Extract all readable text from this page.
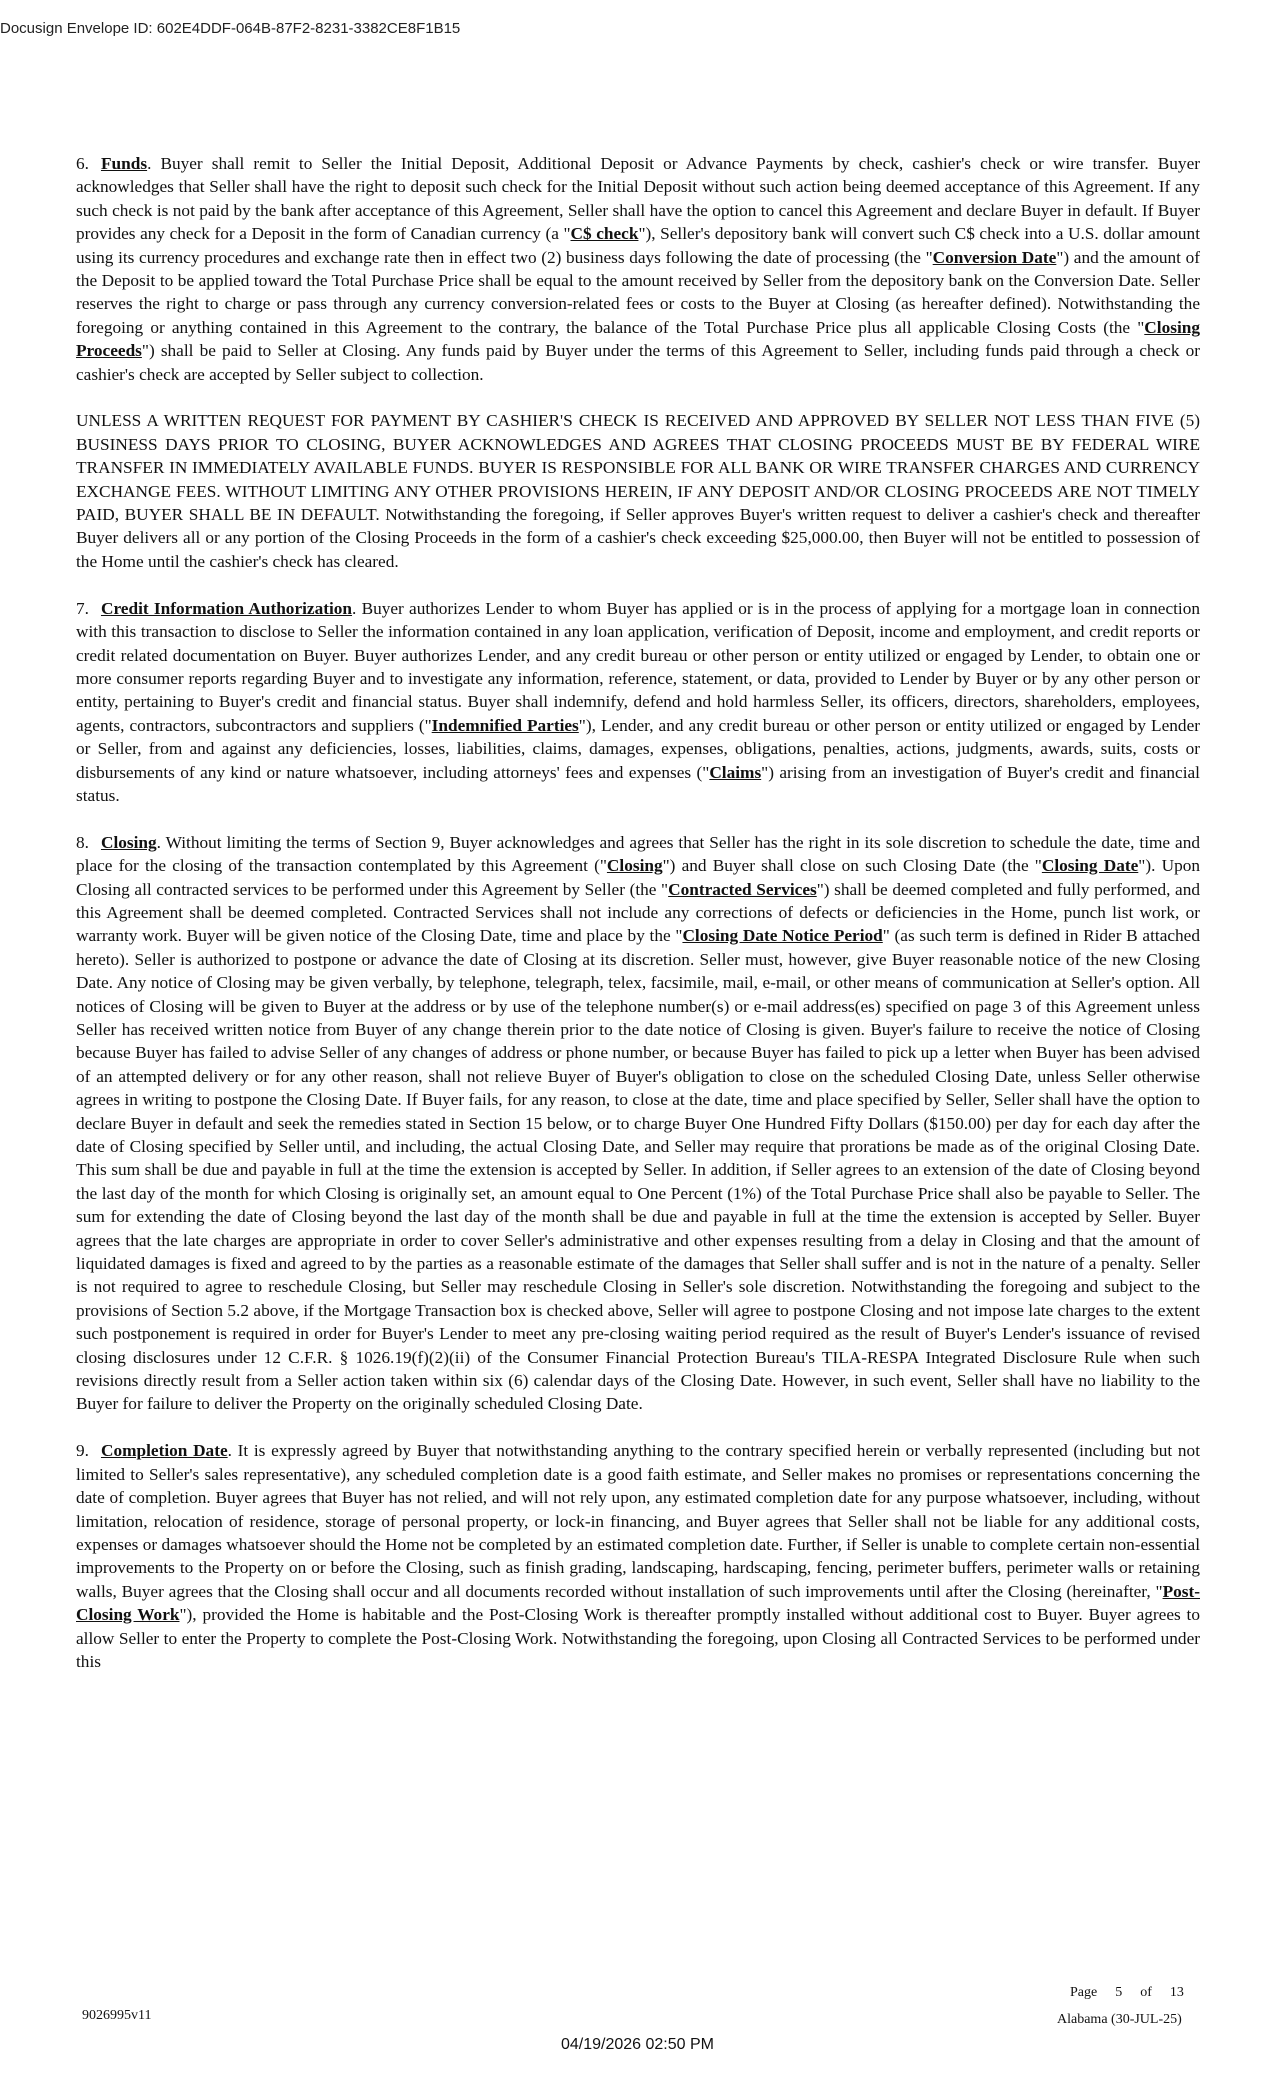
Docusign Envelope ID: 602E4DDF-064B-87F2-8231-3382CE8F1B15

6. Funds. Buyer shall remit to Seller the Initial Deposit, Additional Deposit or Advance Payments by check, cashier's check or wire transfer. Buyer acknowledges that Seller shall have the right to deposit such check for the Initial Deposit without such action being deemed acceptance of this Agreement. If any such check is not paid by the bank after acceptance of this Agreement, Seller shall have the option to cancel this Agreement and declare Buyer in default. If Buyer provides any check for a Deposit in the form of Canadian currency (a "C$ check"), Seller's depository bank will convert such C$ check into a U.S. dollar amount using its currency procedures and exchange rate then in effect two (2) business days following the date of processing (the "Conversion Date") and the amount of the Deposit to be applied toward the Total Purchase Price shall be equal to the amount received by Seller from the depository bank on the Conversion Date. Seller reserves the right to charge or pass through any currency conversion-related fees or costs to the Buyer at Closing (as hereafter defined). Notwithstanding the foregoing or anything contained in this Agreement to the contrary, the balance of the Total Purchase Price plus all applicable Closing Costs (the "Closing Proceeds") shall be paid to Seller at Closing. Any funds paid by Buyer under the terms of this Agreement to Seller, including funds paid through a check or cashier's check are accepted by Seller subject to collection.

UNLESS A WRITTEN REQUEST FOR PAYMENT BY CASHIER'S CHECK IS RECEIVED AND APPROVED BY SELLER NOT LESS THAN FIVE (5) BUSINESS DAYS PRIOR TO CLOSING, BUYER ACKNOWLEDGES AND AGREES THAT CLOSING PROCEEDS MUST BE BY FEDERAL WIRE TRANSFER IN IMMEDIATELY AVAILABLE FUNDS. BUYER IS RESPONSIBLE FOR ALL BANK OR WIRE TRANSFER CHARGES AND CURRENCY EXCHANGE FEES. WITHOUT LIMITING ANY OTHER PROVISIONS HEREIN, IF ANY DEPOSIT AND/OR CLOSING PROCEEDS ARE NOT TIMELY PAID, BUYER SHALL BE IN DEFAULT. Notwithstanding the foregoing, if Seller approves Buyer's written request to deliver a cashier's check and thereafter Buyer delivers all or any portion of the Closing Proceeds in the form of a cashier's check exceeding $25,000.00, then Buyer will not be entitled to possession of the Home until the cashier's check has cleared.

7. Credit Information Authorization. Buyer authorizes Lender to whom Buyer has applied or is in the process of applying for a mortgage loan in connection with this transaction to disclose to Seller the information contained in any loan application, verification of Deposit, income and employment, and credit reports or credit related documentation on Buyer. Buyer authorizes Lender, and any credit bureau or other person or entity utilized or engaged by Lender, to obtain one or more consumer reports regarding Buyer and to investigate any information, reference, statement, or data, provided to Lender by Buyer or by any other person or entity, pertaining to Buyer's credit and financial status. Buyer shall indemnify, defend and hold harmless Seller, its officers, directors, shareholders, employees, agents, contractors, subcontractors and suppliers ("Indemnified Parties"), Lender, and any credit bureau or other person or entity utilized or engaged by Lender or Seller, from and against any deficiencies, losses, liabilities, claims, damages, expenses, obligations, penalties, actions, judgments, awards, suits, costs or disbursements of any kind or nature whatsoever, including attorneys' fees and expenses ("Claims") arising from an investigation of Buyer's credit and financial status.

8. Closing. Without limiting the terms of Section 9, Buyer acknowledges and agrees that Seller has the right in its sole discretion to schedule the date, time and place for the closing of the transaction contemplated by this Agreement ("Closing") and Buyer shall close on such Closing Date (the "Closing Date"). Upon Closing all contracted services to be performed under this Agreement by Seller (the "Contracted Services") shall be deemed completed and fully performed, and this Agreement shall be deemed completed. Contracted Services shall not include any corrections of defects or deficiencies in the Home, punch list work, or warranty work. Buyer will be given notice of the Closing Date, time and place by the "Closing Date Notice Period" (as such term is defined in Rider B attached hereto). Seller is authorized to postpone or advance the date of Closing at its discretion. Seller must, however, give Buyer reasonable notice of the new Closing Date. Any notice of Closing may be given verbally, by telephone, telegraph, telex, facsimile, mail, e-mail, or other means of communication at Seller's option. All notices of Closing will be given to Buyer at the address or by use of the telephone number(s) or e-mail address(es) specified on page 3 of this Agreement unless Seller has received written notice from Buyer of any change therein prior to the date notice of Closing is given. Buyer's failure to receive the notice of Closing because Buyer has failed to advise Seller of any changes of address or phone number, or because Buyer has failed to pick up a letter when Buyer has been advised of an attempted delivery or for any other reason, shall not relieve Buyer of Buyer's obligation to close on the scheduled Closing Date, unless Seller otherwise agrees in writing to postpone the Closing Date. If Buyer fails, for any reason, to close at the date, time and place specified by Seller, Seller shall have the option to declare Buyer in default and seek the remedies stated in Section 15 below, or to charge Buyer One Hundred Fifty Dollars ($150.00) per day for each day after the date of Closing specified by Seller until, and including, the actual Closing Date, and Seller may require that prorations be made as of the original Closing Date. This sum shall be due and payable in full at the time the extension is accepted by Seller. In addition, if Seller agrees to an extension of the date of Closing beyond the last day of the month for which Closing is originally set, an amount equal to One Percent (1%) of the Total Purchase Price shall also be payable to Seller. The sum for extending the date of Closing beyond the last day of the month shall be due and payable in full at the time the extension is accepted by Seller. Buyer agrees that the late charges are appropriate in order to cover Seller's administrative and other expenses resulting from a delay in Closing and that the amount of liquidated damages is fixed and agreed to by the parties as a reasonable estimate of the damages that Seller shall suffer and is not in the nature of a penalty. Seller is not required to agree to reschedule Closing, but Seller may reschedule Closing in Seller's sole discretion. Notwithstanding the foregoing and subject to the provisions of Section 5.2 above, if the Mortgage Transaction box is checked above, Seller will agree to postpone Closing and not impose late charges to the extent such postponement is required in order for Buyer's Lender to meet any pre-closing waiting period required as the result of Buyer's Lender's issuance of revised closing disclosures under 12 C.F.R. § 1026.19(f)(2)(ii) of the Consumer Financial Protection Bureau's TILA-RESPA Integrated Disclosure Rule when such revisions directly result from a Seller action taken within six (6) calendar days of the Closing Date. However, in such event, Seller shall have no liability to the Buyer for failure to deliver the Property on the originally scheduled Closing Date.

9. Completion Date. It is expressly agreed by Buyer that notwithstanding anything to the contrary specified herein or verbally represented (including but not limited to Seller's sales representative), any scheduled completion date is a good faith estimate, and Seller makes no promises or representations concerning the date of completion. Buyer agrees that Buyer has not relied, and will not rely upon, any estimated completion date for any purpose whatsoever, including, without limitation, relocation of residence, storage of personal property, or lock-in financing, and Buyer agrees that Seller shall not be liable for any additional costs, expenses or damages whatsoever should the Home not be completed by an estimated completion date. Further, if Seller is unable to complete certain non-essential improvements to the Property on or before the Closing, such as finish grading, landscaping, hardscaping, fencing, perimeter buffers, perimeter walls or retaining walls, Buyer agrees that the Closing shall occur and all documents recorded without installation of such improvements until after the Closing (hereinafter, "Post-Closing Work"), provided the Home is habitable and the Post-Closing Work is thereafter promptly installed without additional cost to Buyer. Buyer agrees to allow Seller to enter the Property to complete the Post-Closing Work. Notwithstanding the foregoing, upon Closing all Contracted Services to be performed under this

Page 5 of 13
9026995v11	Alabama (30-JUL-25)
04/19/2026 02:50 PM
